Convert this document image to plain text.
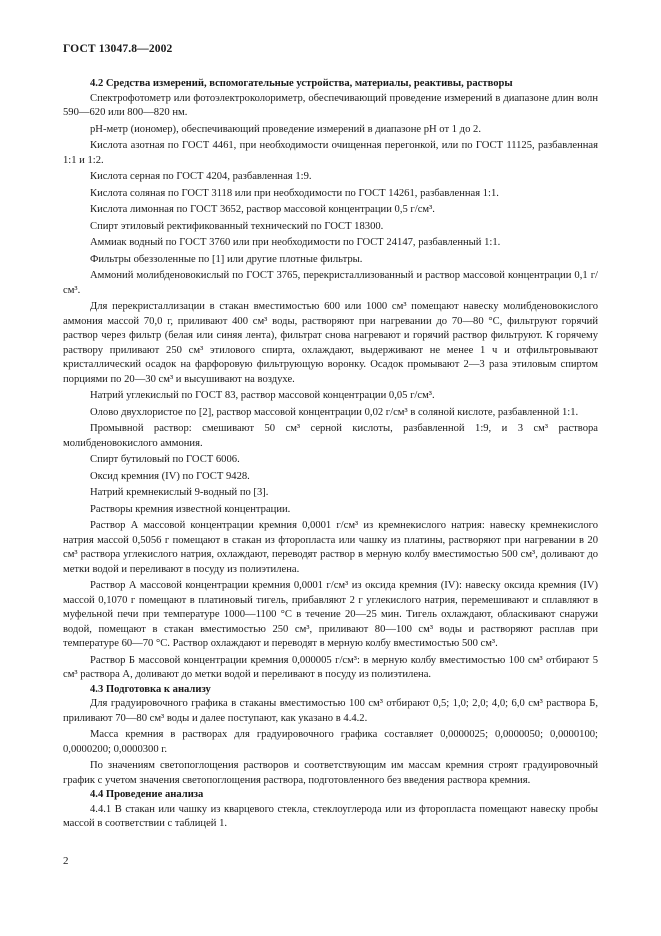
ГОСТ 13047.8—2002

4.2 Средства измерений, вспомогательные устройства, материалы, реактивы, растворы

Спектрофотометр или фотоэлектроколориметр, обеспечивающий проведение измерений в диапазоне длин волн 590—620 или 800—820 нм.

pH-метр (иономер), обеспечивающий проведение измерений в диапазоне рН от 1 до 2.

Кислота азотная по ГОСТ 4461, при необходимости очищенная перегонкой, или по ГОСТ 11125, разбавленная 1:1 и 1:2.

Кислота серная по ГОСТ 4204, разбавленная 1:9.

Кислота соляная по ГОСТ 3118 или при необходимости по ГОСТ 14261, разбавленная 1:1.

Кислота лимонная по ГОСТ 3652, раствор массовой концентрации 0,5 г/см³.

Спирт этиловый ректификованный технический по ГОСТ 18300.

Аммиак водный по ГОСТ 3760 или при необходимости по ГОСТ 24147, разбавленный 1:1.

Фильтры обеззоленные по [1] или другие плотные фильтры.

Аммоний молибденовокислый по ГОСТ 3765, перекристаллизованный и раствор массовой концентрации 0,1 г/см³.

Для перекристаллизации в стакан вместимостью 600 или 1000 см³ помещают навеску молибденовокислого аммония массой 70,0 г, приливают 400 см³ воды, растворяют при нагревании до 70—80 °С, фильтруют горячий раствор через фильтр (белая или синяя лента), фильтрат снова нагревают и горячий раствор фильтруют. К горячему раствору приливают 250 см³ этилового спирта, охлаждают, выдерживают не менее 1 ч и отфильтровывают кристаллический осадок на фарфоровую фильтрующую воронку. Осадок промывают 2—3 раза этиловым спиртом порциями по 20—30 см³ и высушивают на воздухе.

Натрий углекислый по ГОСТ 83, раствор массовой концентрации 0,05 г/см³.

Олово двухлористое по [2], раствор массовой концентрации 0,02 г/см³ в соляной кислоте, разбавленной 1:1.

Промывной раствор: смешивают 50 см³ серной кислоты, разбавленной 1:9, и 3 см³ раствора молибденовокислого аммония.

Спирт бутиловый по ГОСТ 6006.

Оксид кремния (IV) по ГОСТ 9428.

Натрий кремнекислый 9-водный по [3].

Растворы кремния известной концентрации.

Раствор А массовой концентрации кремния 0,0001 г/см³ из кремнекислого натрия: навеску кремнекислого натрия массой 0,5056 г помещают в стакан из фторопласта или чашку из платины, растворяют при нагревании в 20 см³ раствора углекислого натрия, охлаждают, переводят раствор в мерную колбу вместимостью 500 см³, доливают до метки водой и переливают в посуду из полиэтилена.

Раствор А массовой концентрации кремния 0,0001 г/см³ из оксида кремния (IV): навеску оксида кремния (IV) массой 0,1070 г помещают в платиновый тигель, прибавляют 2 г углекислого натрия, перемешивают и сплавляют в муфельной печи при температуре 1000—1100 °С в течение 20—25 мин. Тигель охлаждают, обласкивают снаружи водой, помещают в стакан вместимостью 250 см³, приливают 80—100 см³ воды и растворяют расплав при температуре 60—70 °С. Раствор охлаждают и переводят в мерную колбу вместимостью 500 см³.

Раствор Б массовой концентрации кремния 0,000005 г/см³: в мерную колбу вместимостью 100 см³ отбирают 5 см³ раствора А, доливают до метки водой и переливают в посуду из полиэтилена.

4.3 Подготовка к анализу

Для градуировочного графика в стаканы вместимостью 100 см³ отбирают 0,5; 1,0; 2,0; 4,0; 6,0 см³ раствора Б, приливают 70—80 см³ воды и далее поступают, как указано в 4.4.2.

Масса кремния в растворах для градуировочного графика составляет 0,0000025; 0,0000050; 0,0000100; 0,0000200; 0,0000300 г.

По значениям светопоглощения растворов и соответствующим им массам кремния строят градуировочный график с учетом значения светопоглощения раствора, подготовленного без введения раствора кремния.

4.4 Проведение анализа

4.4.1 В стакан или чашку из кварцевого стекла, стеклоуглерода или из фторопласта помещают навеску пробы массой в соответствии с таблицей 1.

2
